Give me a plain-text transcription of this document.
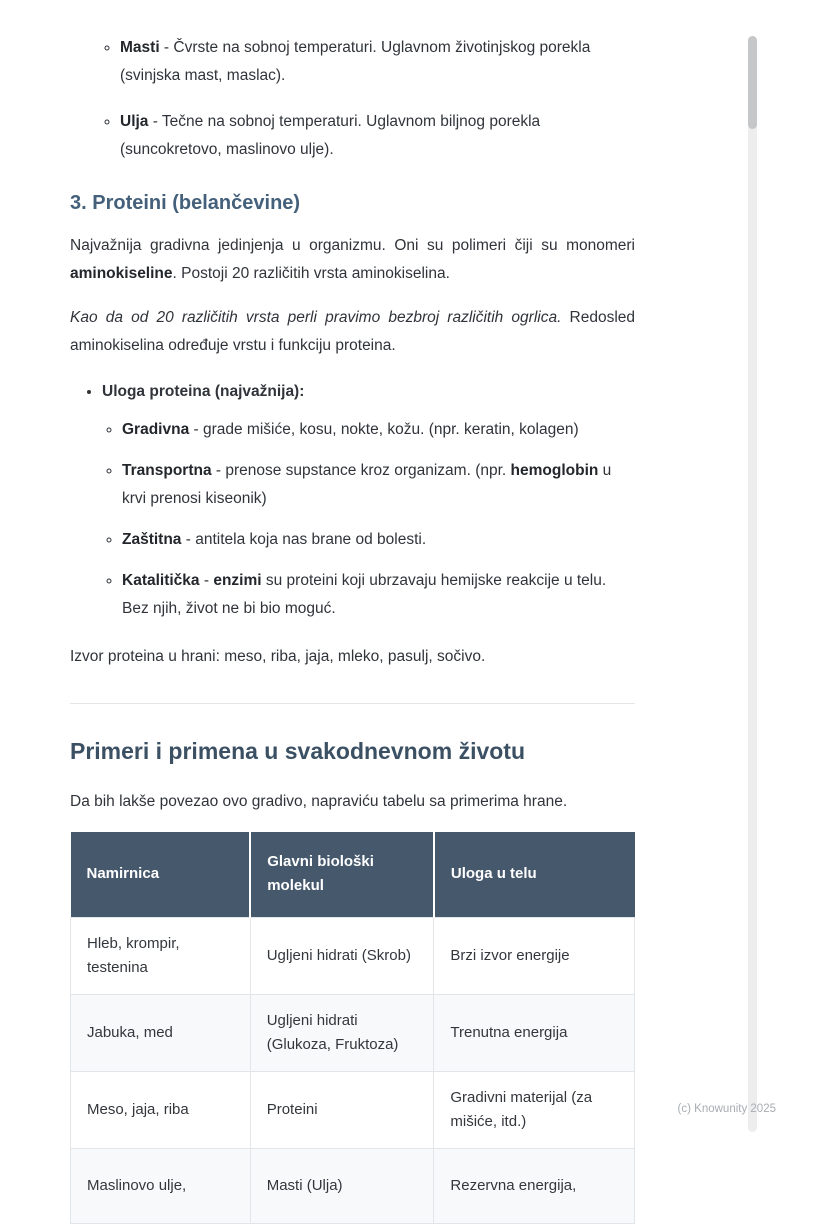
◦ Masti - Čvrste na sobnoj temperaturi. Uglavnom životinjskog porekla (svinjska mast, maslac).
◦ Ulja - Tečne na sobnoj temperaturi. Uglavnom biljnog porekla (suncokretovo, maslinovo ulje).
3. Proteini (belančevine)

Najvažnija gradivna jedinjenja u organizmu. Oni su polimeri čiji su monomeri aminokiseline. Postoji 20 različitih vrsta aminokiselina.

Kao da od 20 različitih vrsta perli pravimo bezbroj različitih ogrlica. Redosled aminokiselina određuje vrstu i funkciju proteina.

• Uloga proteina (najvažnija):
◦ Gradivna - grade mišiće, kosu, nokte, kožu. (npr. keratin, kolagen)
◦ Transportna - prenose supstance kroz organizam. (npr. hemoglobin u krvi prenosi kiseonik)
◦ Zaštitna - antitela koja nas brane od bolesti.
◦ Katalitička - enzimi su proteini koji ubrzavaju hemijske reakcije u telu. Bez njih, život ne bi bio moguć.

Izvor proteina u hrani: meso, riba, jaja, mleko, pasulj, sočivo.

Primeri i primena u svakodnevnom životu

Da bih lakše povezao ovo gradivo, napraviću tabelu sa primerima hrane.

Namirnica	Glavni biološki molekul	Uloga u telu
Hleb, krompir, testenina	Ugljeni hidrati (Skrob)	Brzi izvor energije
Jabuka, med	Ugljeni hidrati (Glukoza, Fruktoza)	Trenutna energija
Meso, jaja, riba	Proteini	Gradivni materijal (za mišiće, itd.)
Maslinovo ulje,	Masti (Ulja)	Rezervna energija,
(c) Knowunity 2025
